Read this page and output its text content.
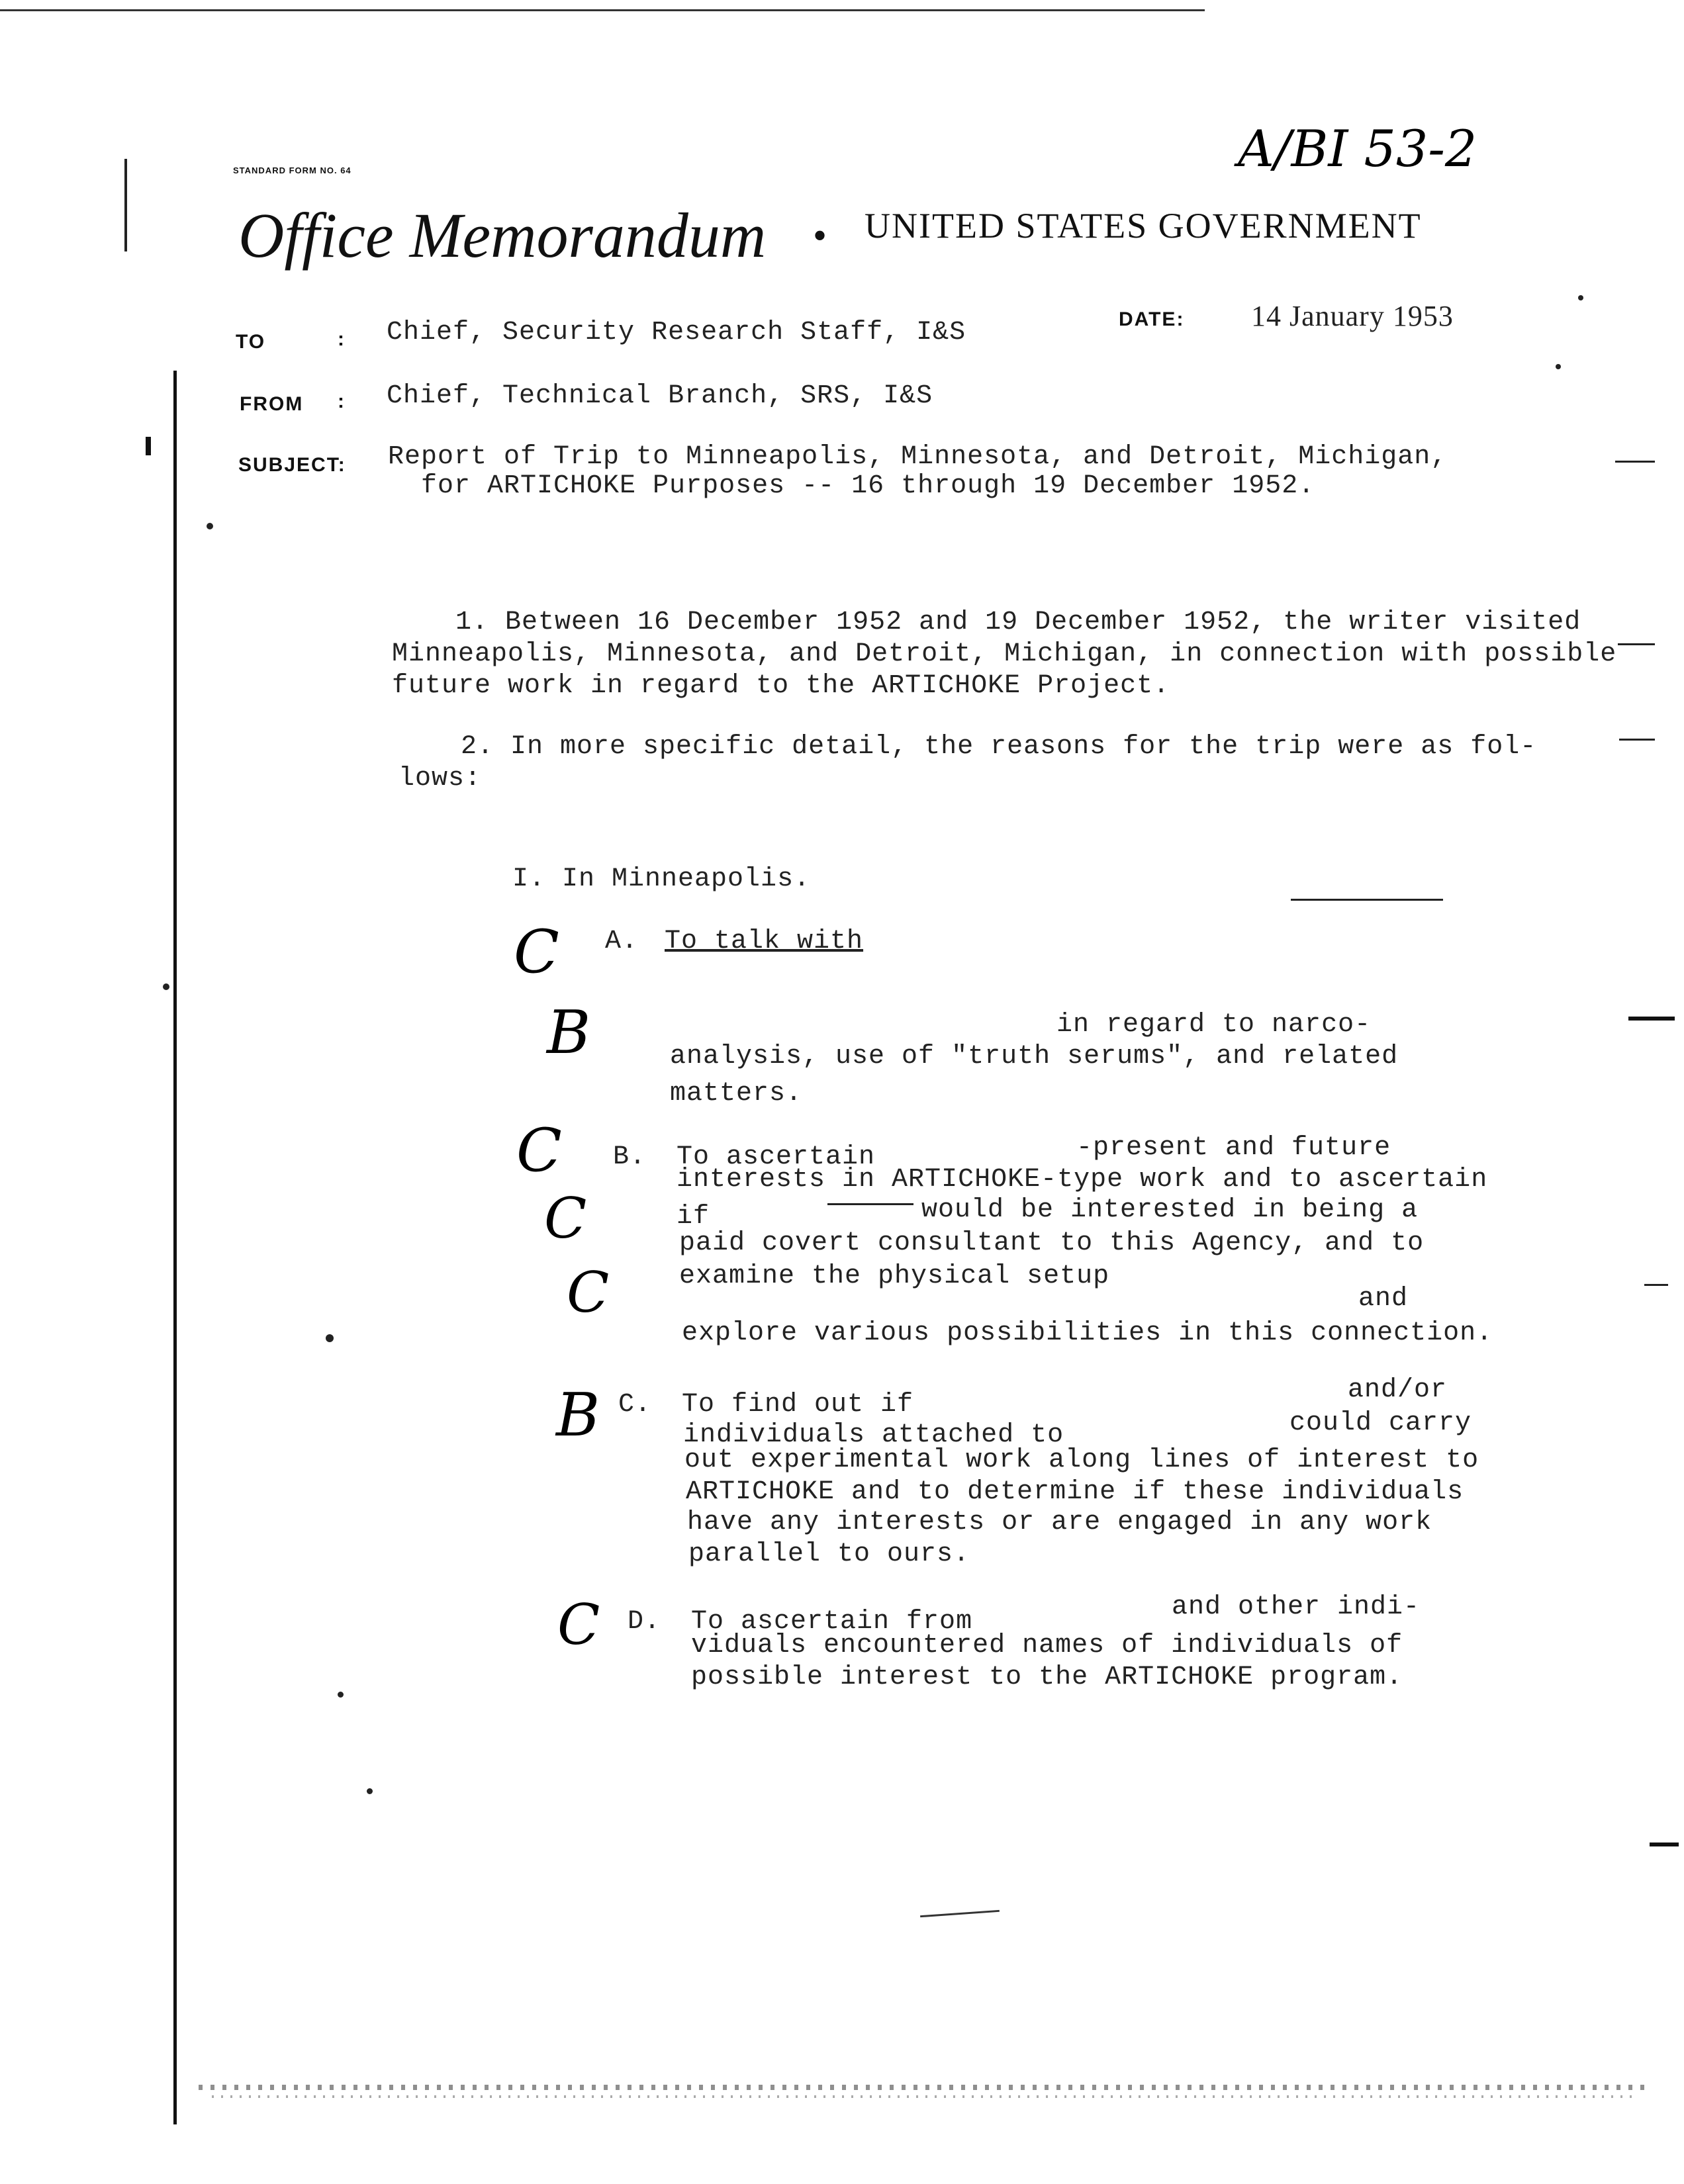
STANDARD FORM NO. 64	A/BI 53-2
Office Memorandum • UNITED STATES GOVERNMENT
TO	: Chief, Security Research Staff, I&S	DATE: 14 January 1953
FROM : Chief, Technical Branch, SRS, I&S
SUBJECT: Report of Trip to Minneapolis, Minnesota, and Detroit, Michigan,
for ARTICHOKE Purposes -- 16 through 19 December 1952.
1. Between 16 December 1952 and 19 December 1952, the writer visited
Minneapolis, Minnesota, and Detroit, Michigan, in connection with possible
future work in regard to the ARTICHOKE Project.
2. In more specific detail, the reasons for the trip were as fol-
lows:
I. In Minneapolis.
C A. To talk with
B	in regard to narco-
analysis, use of "truth serums", and related
matters.
C B. To ascertain	-present and future
interests in ARTICHOKE-type work and to ascertain
C	if	would be interested in being a
paid covert consultant to this Agency, and to
C	examine the physical setup
and
explore various possibilities in this connection.
B C. To find out if	and/or
individuals attached to	could carry
out experimental work along lines of interest to
ARTICHOKE and to determine if these individuals
have any interests or are engaged in any work
parallel to ours.
C D. To ascertain from	and other indi-
viduals encountered names of individuals of
possible interest to the ARTICHOKE program.
